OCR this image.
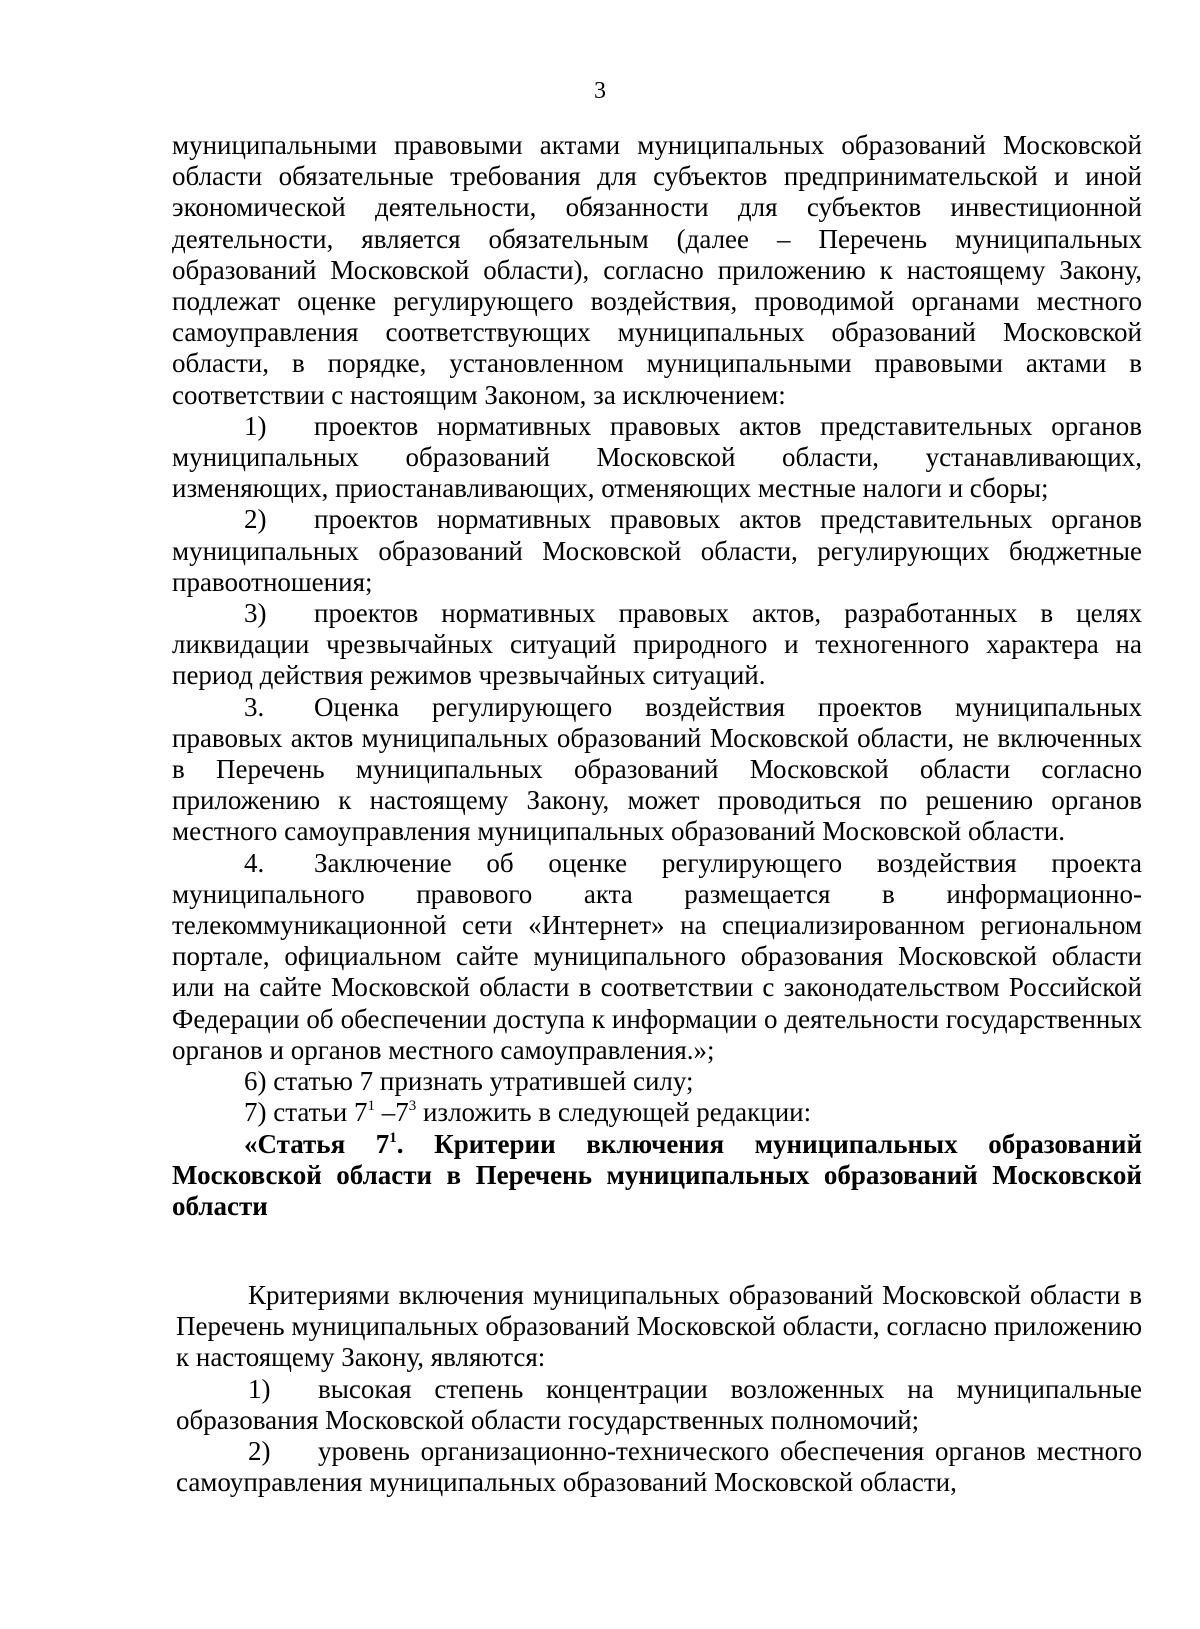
3

муниципальными правовыми актами муниципальных образований Московской области обязательные требования для субъектов предпринимательской и иной экономической деятельности, обязанности для субъектов инвестиционной деятельности, является обязательным (далее – Перечень муниципальных образований Московской области), согласно приложению к настоящему Закону, подлежат оценке регулирующего воздействия, проводимой органами местного самоуправления соответствующих муниципальных образований Московской области, в порядке, установленном муниципальными правовыми актами в соответствии с настоящим Законом, за исключением:

1) проектов нормативных правовых актов представительных органов муниципальных образований Московской области, устанавливающих, изменяющих, приостанавливающих, отменяющих местные налоги и сборы;

2) проектов нормативных правовых актов представительных органов муниципальных образований Московской области, регулирующих бюджетные правоотношения;

3) проектов нормативных правовых актов, разработанных в целях ликвидации чрезвычайных ситуаций природного и техногенного характера на период действия режимов чрезвычайных ситуаций.

3. Оценка регулирующего воздействия проектов муниципальных правовых актов муниципальных образований Московской области, не включенных в Перечень муниципальных образований Московской области согласно приложению к настоящему Закону, может проводиться по решению органов местного самоуправления муниципальных образований Московской области.

4. Заключение об оценке регулирующего воздействия проекта муниципального правового акта размещается в информационно-телекоммуникационной сети «Интернет» на специализированном региональном портале, официальном сайте муниципального образования Московской области или на сайте Московской области в соответствии с законодательством Российской Федерации об обеспечении доступа к информации о деятельности государственных органов и органов местного самоуправления.»;

6) статью 7 признать утратившей силу;

7) статьи $7^1$ $-7^3$ изложить в следующей редакции:

«Статья $7^1$. Критерии включения муниципальных образований Московской области в Перечень муниципальных образований Московской области

Критериями включения муниципальных образований Московской области в Перечень муниципальных образований Московской области, согласно приложению к настоящему Закону, являются:

1) высокая степень концентрации возложенных на муниципальные образования Московской области государственных полномочий;

2) уровень организационно-технического обеспечения органов местного самоуправления муниципальных образований Московской области,
